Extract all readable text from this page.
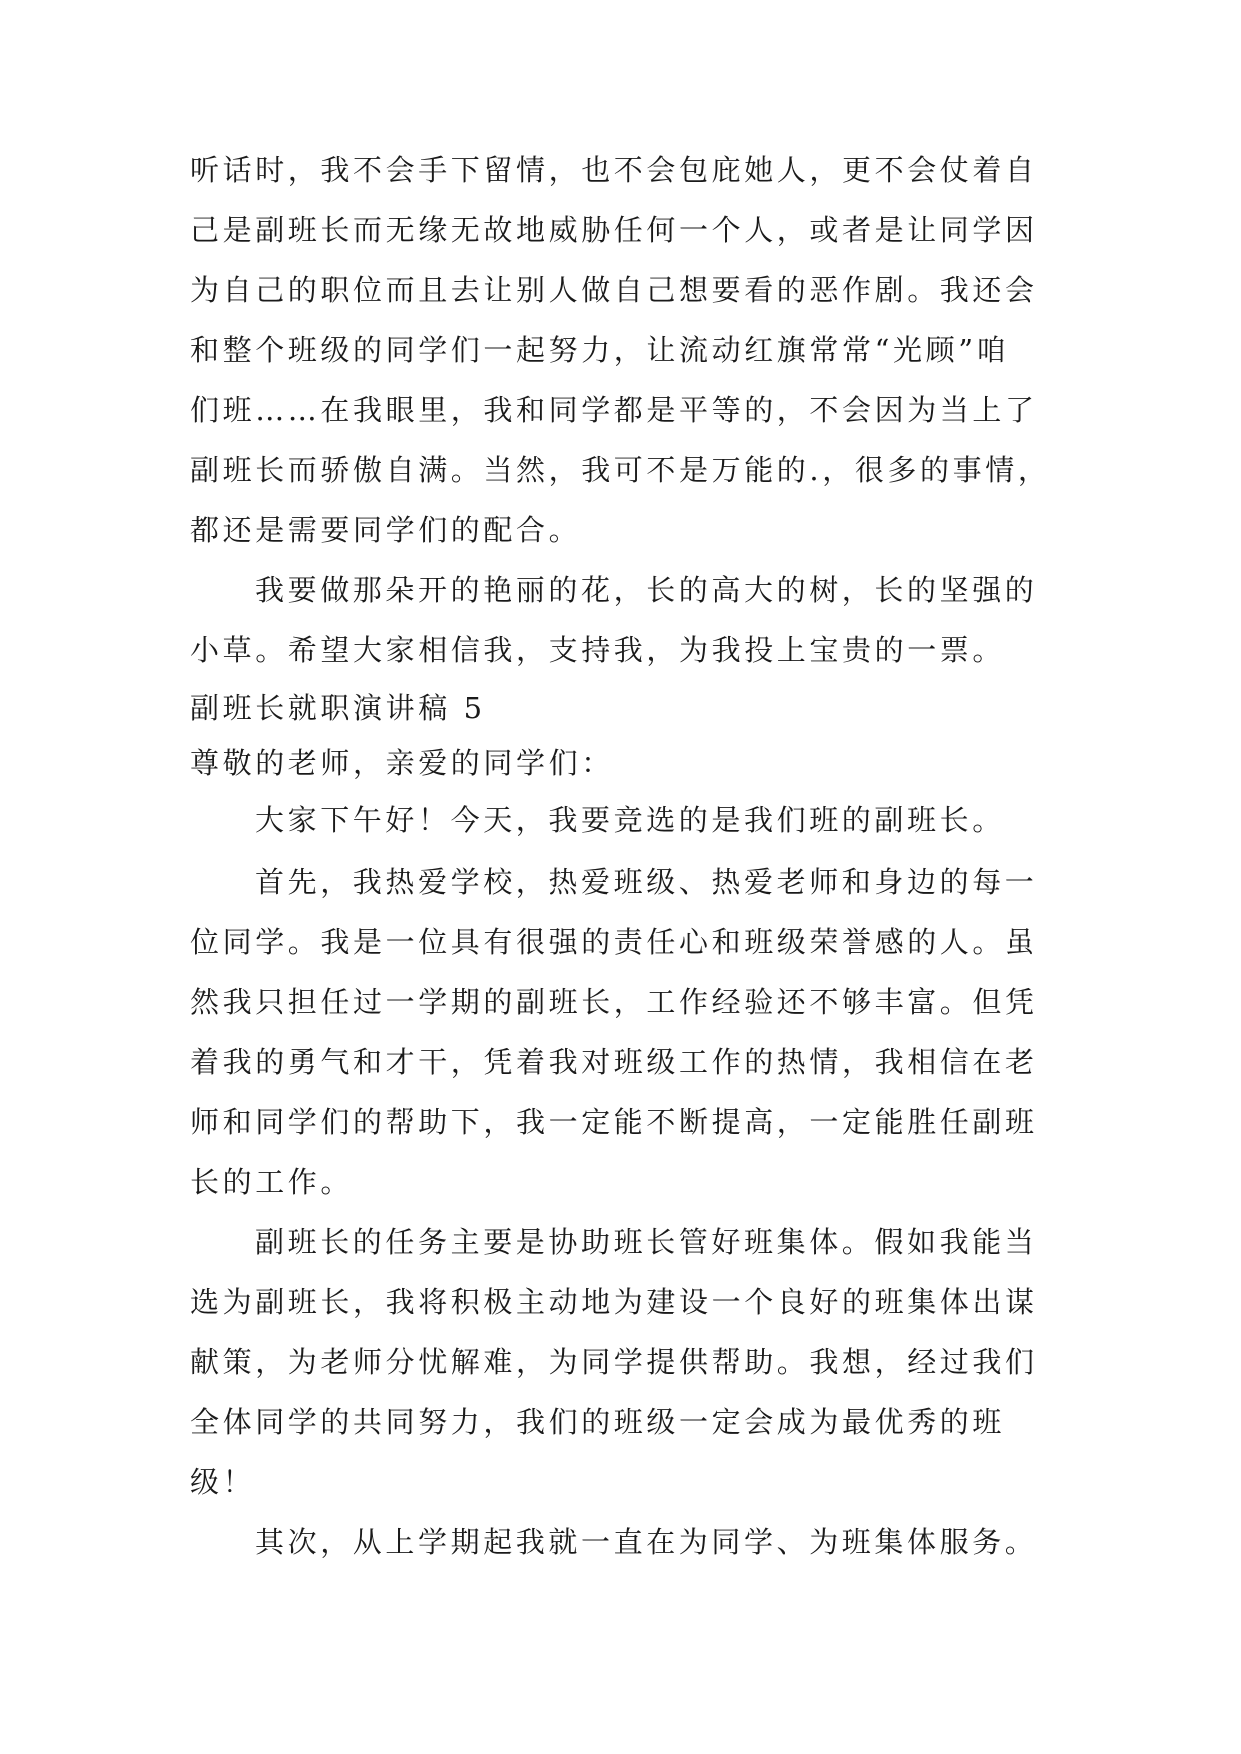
听话时，我不会手下留情，也不会包庇她人，更不会仗着自
己是副班长而无缘无故地威胁任何一个人，或者是让同学因
为自己的职位而且去让别人做自己想要看的恶作剧。我还会
和整个班级的同学们一起努力，让流动红旗常常“光顾”咱
们班……在我眼里，我和同学都是平等的，不会因为当上了
副班长而骄傲自满。当然，我可不是万能的.，很多的事情，
都还是需要同学们的配合。
我要做那朵开的艳丽的花，长的高大的树，长的坚强的
小草。希望大家相信我，支持我，为我投上宝贵的一票。
副班长就职演讲稿 5
尊敬的老师，亲爱的同学们：
大家下午好！今天，我要竞选的是我们班的副班长。
首先，我热爱学校，热爱班级、热爱老师和身边的每一
位同学。我是一位具有很强的责任心和班级荣誉感的人。虽
然我只担任过一学期的副班长，工作经验还不够丰富。但凭
着我的勇气和才干，凭着我对班级工作的热情，我相信在老
师和同学们的帮助下，我一定能不断提高，一定能胜任副班
长的工作。
副班长的任务主要是协助班长管好班集体。假如我能当
选为副班长，我将积极主动地为建设一个良好的班集体出谋
献策，为老师分忧解难，为同学提供帮助。我想，经过我们
全体同学的共同努力，我们的班级一定会成为最优秀的班
级！
其次，从上学期起我就一直在为同学、为班集体服务。
